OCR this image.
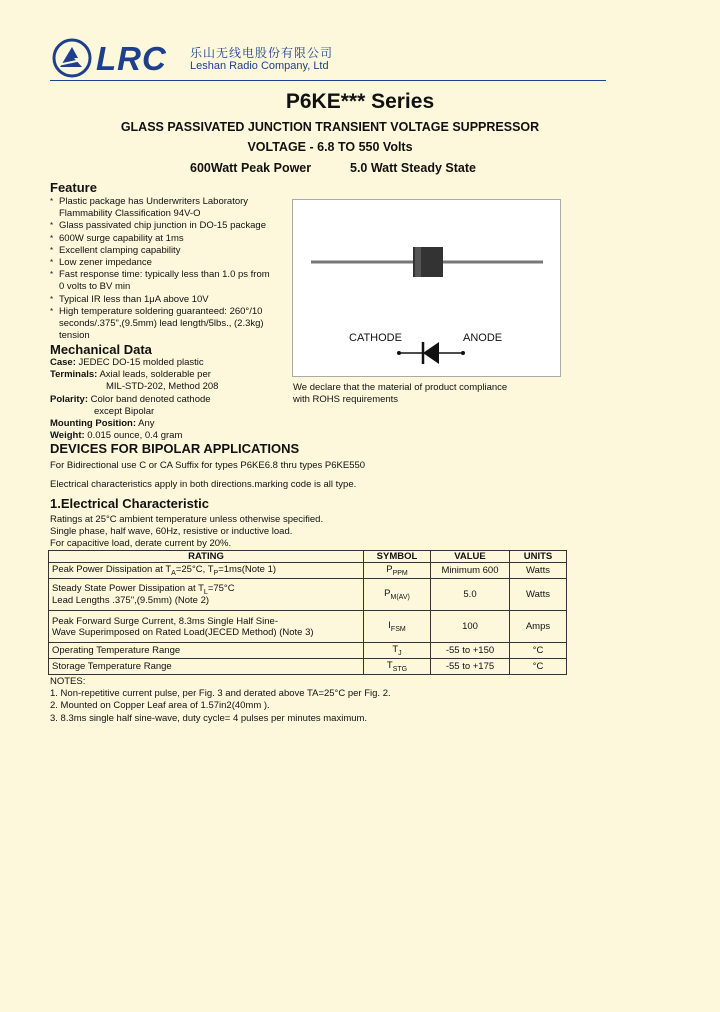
LRC 乐山无线电股份有限公司
Leshan Radio Company, Ltd
P6KE*** Series
GLASS PASSIVATED JUNCTION TRANSIENT VOLTAGE SUPPRESSOR
VOLTAGE - 6.8 TO 550 Volts
600Watt Peak Power	5.0 Watt Steady State
Feature
* Plastic package has Underwriters Laboratory Flammability Classification 94V-O
* Glass passivated chip junction in DO-15 package
* 600W surge capability at 1ms
* Excellent clamping capability
* Low zener impedance
* Fast response time: typically less than 1.0 ps from 0 volts to BV min
* Typical IR less than 1μA above 10V
* High temperature soldering guaranteed: 260°/10 seconds/.375",(9.5mm) lead length/5lbs., (2.3kg) tension	CATHODE	ANODE
We declare that the material of product compliance
with ROHS requirements
Mechanical Data
Case: JEDEC DO-15 molded plastic
Terminals: Axial leads, solderable per
MIL-STD-202, Method 208
Polarity: Color band denoted cathode
except Bipolar
Mounting Position: Any
Weight: 0.015 ounce, 0.4 gram
DEVICES FOR BIPOLAR APPLICATIONS
For Bidirectional use C or CA Suffix for types P6KE6.8 thru types P6KE550
Electrical characteristics apply in both directions.marking code is all type.
1.Electrical Characteristic
Ratings at 25°C ambient temperature unless otherwise specified.
Single phase, half wave, 60Hz, resistive or inductive load.
For capacitive load, derate current by 20%.
RATING	SYMBOL	VALUE	UNITS
Peak Power Dissipation at $T_A=25^\circ C$, $T_P=1ms(Note$ 1)	$P_{PPM}$	Minimum 600	Watts
Steady State Power Dissipation at $T_L=75^\circ C$
Lead Lengths .375",(9.5mm) (Note 2)	$P_{M(AV)}$	5.0	Watts
Peak Forward Surge Current, 8.3ms Single Half Sine-
Wave Superimposed on Rated Load(JECED Method) (Note 3)	$I_{FSM}$	100	Amps
Operating Temperature Range	$T_J$	-55 to +150	°C
Storage Temperature Range	$T_{STG}$	-55 to +175	°C
NOTES:
1. Non-repetitive current pulse, per Fig. 3 and derated above TA=25°C per Fig. 2.
2. Mounted on Copper Leaf area of 1.57in2(40mm ).
3. 8.3ms single half sine-wave, duty cycle= 4 pulses per minutes maximum.
